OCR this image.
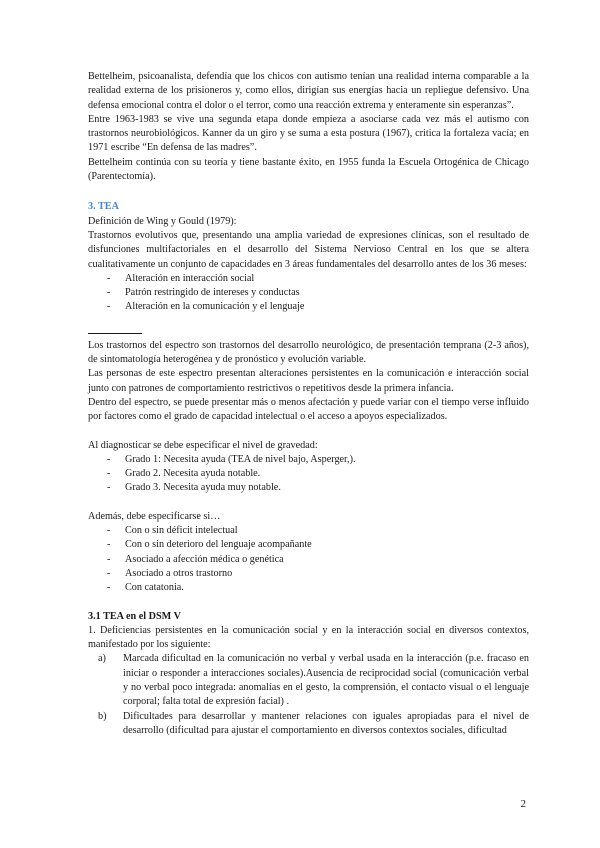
Bettelheim, psicoanalista, defendía que los chicos con autismo tenían una realidad interna comparable a la realidad externa de los prisioneros y, como ellos, dirigían sus energías hacia un repliegue defensivo. Una defensa emocional contra el dolor o el terror, como una reacción extrema y enteramente sin esperanzas”.

Entre 1963-1983 se vive una segunda etapa donde empieza a asociarse cada vez más el autismo con trastornos neurobiológicos. Kanner da un giro y se suma a esta postura (1967), critica la fortaleza vacía; en 1971 escribe “En defensa de las madres”.

Bettelheim continúa con su teoría y tiene bastante éxito, en 1955 funda la Escuela Ortogénica de Chicago (Parentectomía).

3. TEA

Definición de Wing y Gould (1979):

Trastornos evolutivos que, presentando una amplia variedad de expresiones clínicas, son el resultado de disfunciones multifactoriales en el desarrollo del Sistema Nervioso Central en los que se altera cualitativamente un conjunto de capacidades en 3 áreas fundamentales del desarrollo antes de los 36 meses:

- Alteración en interacción social
- Patrón restringido de intereses y conductas
- Alteración en la comunicación y el lenguaje

Los trastornos del espectro son trastornos del desarrollo neurológico, de presentación temprana (2-3 años), de sintomatología heterogénea y de pronóstico y evolución variable.

Las personas de este espectro presentan alteraciones persistentes en la comunicación e interacción social junto con patrones de comportamiento restrictivos o repetitivos desde la primera infancia.

Dentro del espectro, se puede presentar más o menos afectación y puede variar con el tiempo verse influido por factores como el grado de capacidad intelectual o el acceso a apoyos especializados.

Al diagnosticar se debe especificar el nivel de gravedad:

- Grado 1: Necesita ayuda (TEA de nivel bajo, Asperger,).
- Grado 2. Necesita ayuda notable.
- Grado 3. Necesita ayuda muy notable.

Además, debe especificarse si…

- Con o sin déficit intelectual
- Con o sin deterioro del lenguaje acompañante
- Asociado a afección médica o genética
- Asociado a otros trastorno
- Con catatonia.

3.1 TEA en el DSM V

1. Deficiencias persistentes en la comunicación social y en la interacción social en diversos contextos, manifestado por los siguiente:

a) Marcada dificultad en la comunicación no verbal y verbal usada en la interacción (p.e. fracaso en iniciar o responder a interacciones sociales).Ausencia de reciprocidad social (comunicación verbal y no verbal poco integrada: anomalías en el gesto, la comprensión, el contacto visual o el lenguaje corporal; falta total de expresión facial) .
b) Dificultades para desarrollar y mantener relaciones con iguales apropiadas para el nivel de desarrollo (dificultad para ajustar el comportamiento en diversos contextos sociales, dificultad
2
